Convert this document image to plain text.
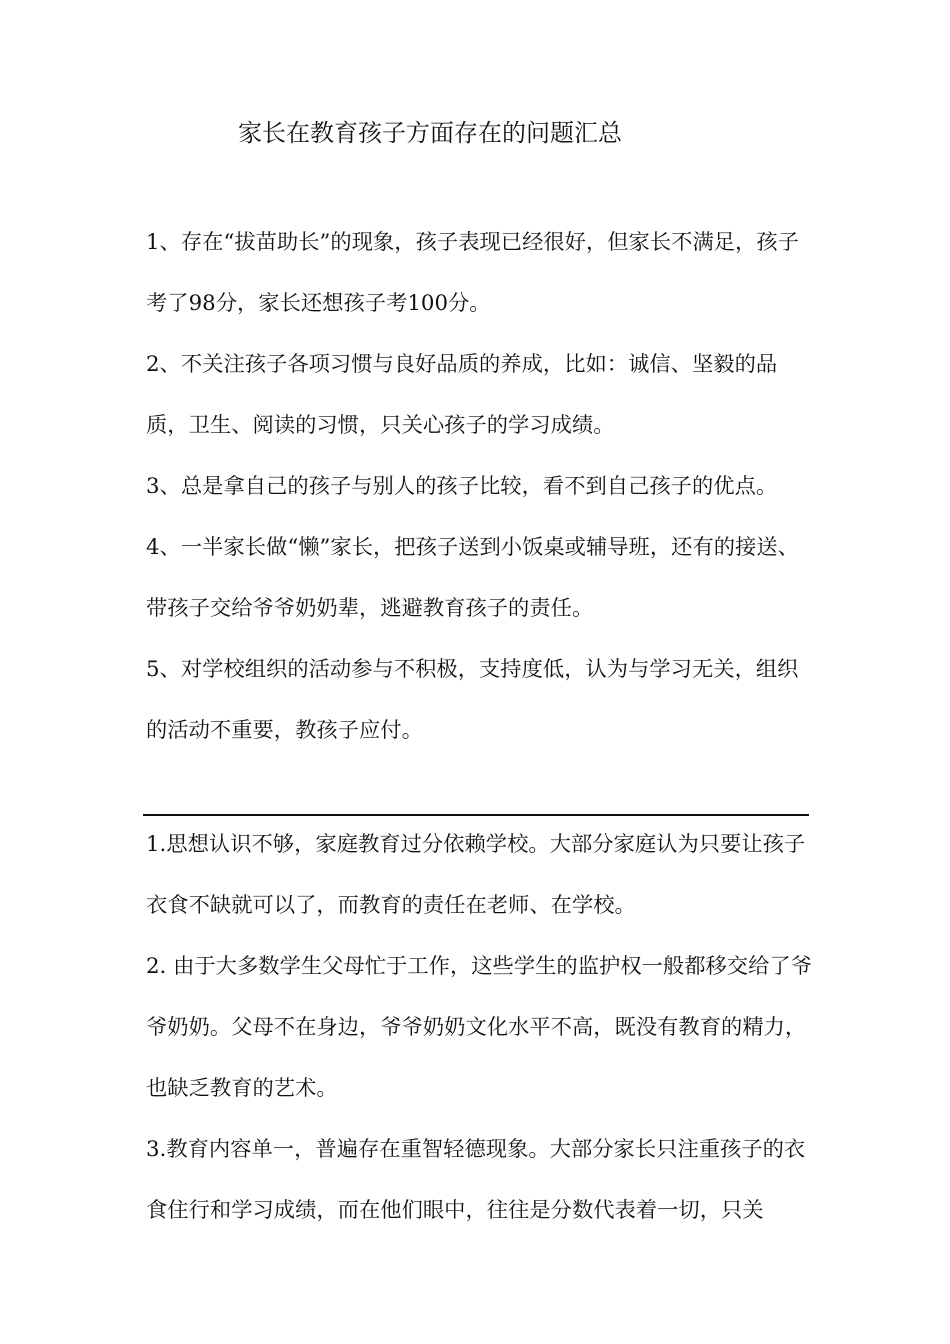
家长在教育孩子方面存在的问题汇总

1、存在“拔苗助长”的现象，孩子表现已经很好，但家长不满足，孩子考了98分，家长还想孩子考100分。

2、不关注孩子各项习惯与良好品质的养成，比如：诚信、坚毅的品质，卫生、阅读的习惯，只关心孩子的学习成绩。

3、总是拿自己的孩子与别人的孩子比较，看不到自己孩子的优点。

4、一半家长做“懒”家长，把孩子送到小饭桌或辅导班，还有的接送、带孩子交给爷爷奶奶辈，逃避教育孩子的责任。

5、对学校组织的活动参与不积极，支持度低，认为与学习无关，组织的活动不重要，教孩子应付。

1.思想认识不够，家庭教育过分依赖学校。大部分家庭认为只要让孩子衣食不缺就可以了，而教育的责任在老师、在学校。

2. 由于大多数学生父母忙于工作，这些学生的监护权一般都移交给了爷爷奶奶。父母不在身边，爷爷奶奶文化水平不高，既没有教育的精力，也缺乏教育的艺术。

3.教育内容单一，普遍存在重智轻德现象。大部分家长只注重孩子的衣食住行和学习成绩，而在他们眼中，往往是分数代表着一切，只关
